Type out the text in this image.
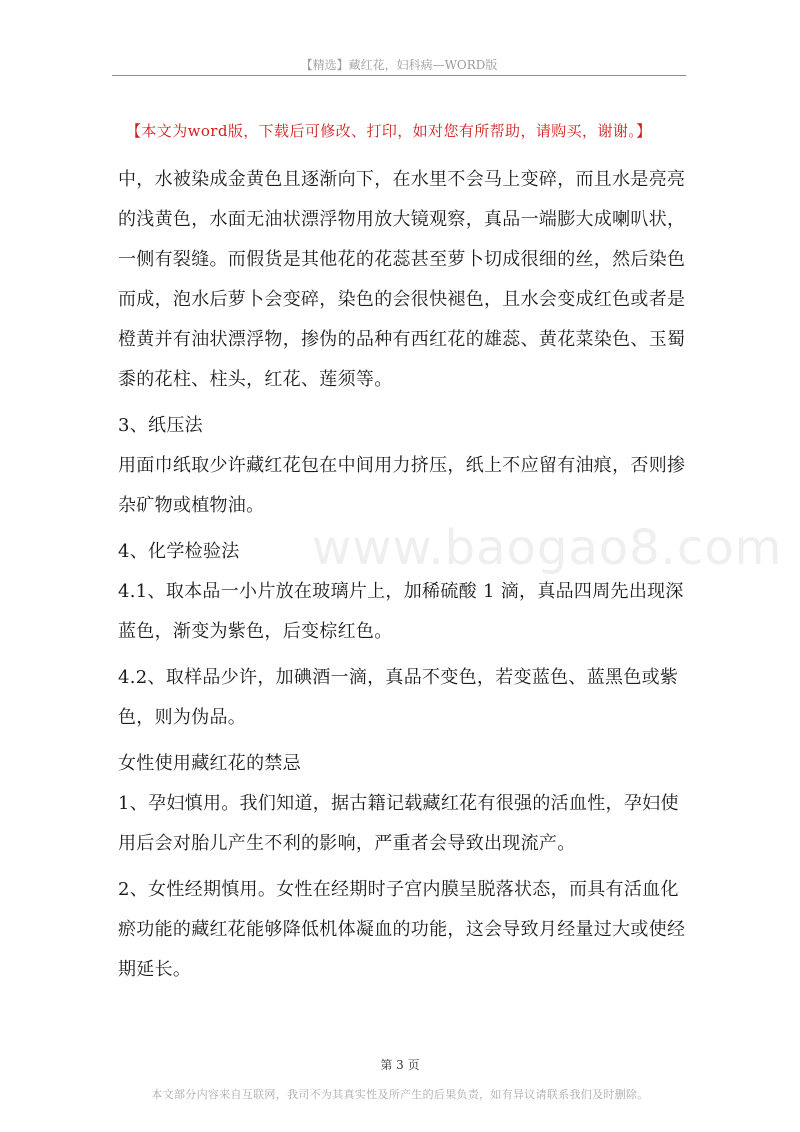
【精选】藏红花，妇科病—WORD版
【本文为word版，下载后可修改、打印，如对您有所帮助，请购买，谢谢。】
www.baogao8.com

中，水被染成金黄色且逐渐向下，在水里不会马上变碎，而且水是亮亮的浅黄色，水面无油状漂浮物用放大镜观察，真品一端膨大成喇叭状，一侧有裂缝。而假货是其他花的花蕊甚至萝卜切成很细的丝，然后染色而成，泡水后萝卜会变碎，染色的会很快褪色，且水会变成红色或者是橙黄并有油状漂浮物，掺伪的品种有西红花的雄蕊、黄花菜染色、玉蜀黍的花柱、柱头，红花、莲须等。

3、纸压法

用面巾纸取少许藏红花包在中间用力挤压，纸上不应留有油痕，否则掺杂矿物或植物油。

4、化学检验法

4.1、取本品一小片放在玻璃片上，加稀硫酸 1 滴，真品四周先出现深蓝色，渐变为紫色，后变棕红色。

4.2、取样品少许，加碘酒一滴，真品不变色，若变蓝色、蓝黑色或紫色，则为伪品。

女性使用藏红花的禁忌

1、孕妇慎用。我们知道，据古籍记载藏红花有很强的活血性，孕妇使用后会对胎儿产生不利的影响，严重者会导致出现流产。

2、女性经期慎用。女性在经期时子宫内膜呈脱落状态，而具有活血化瘀功能的藏红花能够降低机体凝血的功能，这会导致月经量过大或使经期延长。

第 3 页
本文部分内容来自互联网，我司不为其真实性及所产生的后果负责，如有异议请联系我们及时删除。
